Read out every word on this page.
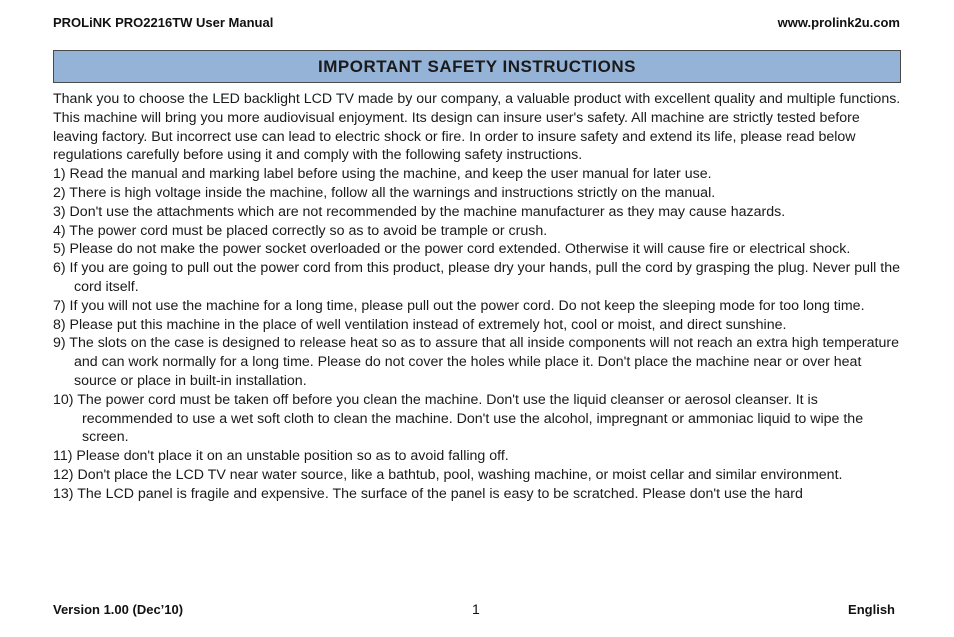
PROLiNK PRO2216TW User Manual	www.prolink2u.com
IMPORTANT SAFETY INSTRUCTIONS

Thank you to choose the LED backlight LCD TV made by our company, a valuable product with excellent quality and multiple functions. This machine will bring you more audiovisual enjoyment. Its design can insure user's safety. All machine are strictly tested before leaving factory. But incorrect use can lead to electric shock or fire. In order to insure safety and extend its life, please read below regulations carefully before using it and comply with the following safety instructions.

1) Read the manual and marking label before using the machine, and keep the user manual for later use.
2) There is high voltage inside the machine, follow all the warnings and instructions strictly on the manual.
3) Don't use the attachments which are not recommended by the machine manufacturer as they may cause hazards.
4) The power cord must be placed correctly so as to avoid be trample or crush.
5) Please do not make the power socket overloaded or the power cord extended. Otherwise it will cause fire or electrical shock.
6) If you are going to pull out the power cord from this product, please dry your hands, pull the cord by grasping the plug. Never pull the cord itself.
7) If you will not use the machine for a long time, please pull out the power cord. Do not keep the sleeping mode for too long time.
8) Please put this machine in the place of well ventilation instead of extremely hot, cool or moist, and direct sunshine.
9) The slots on the case is designed to release heat so as to assure that all inside components will not reach an extra high temperature and can work normally for a long time. Please do not cover the holes while place it. Don't place the machine near or over heat source or place in built-in installation.
10) The power cord must be taken off before you clean the machine. Don't use the liquid cleanser or aerosol cleanser. It is recommended to use a wet soft cloth to clean the machine. Don't use the alcohol, impregnant or ammoniac liquid to wipe the screen.
11) Please don't place it on an unstable position so as to avoid falling off.
12) Don't place the LCD TV near water source, like a bathtub, pool, washing machine, or moist cellar and similar environment.
13) The LCD panel is fragile and expensive. The surface of the panel is easy to be scratched. Please don't use the hard
Version 1.00 (Dec’10)	1	English
